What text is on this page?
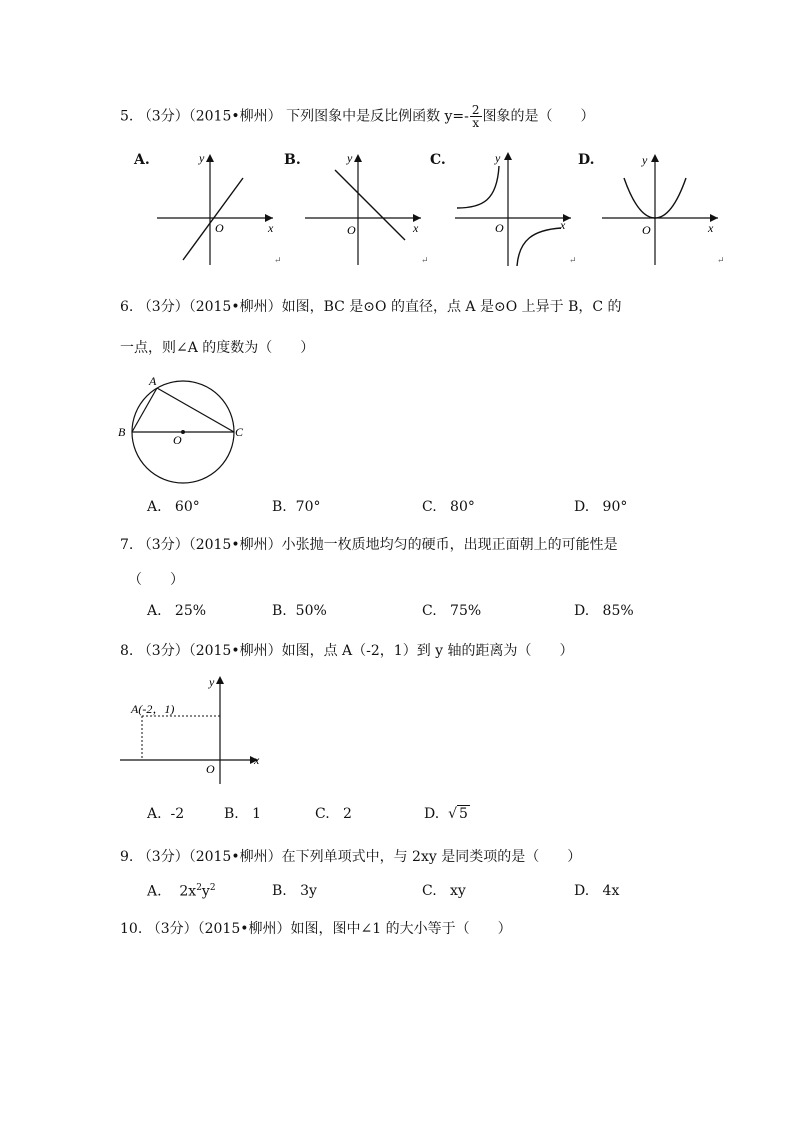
5. （3分）（2015•柳州） 下列图象中是反比例函数 $y=- \frac{2}{x}$ 图象的是（　　）
A.	B.	C.	D.
x
y
O	x
y
O	x
y
O	x
y
O
↵	↵	↵	↵
6. （3分）（2015•柳州）如图，BC 是⊙O 的直径，点 A 是⊙O 上异于 B，C 的
一点，则∠A 的度数为（　　）
A
B	C
O
A. 60°	B. 70°	C. 80°	D. 90°
7. （3分）（2015•柳州）小张抛一枚质地均匀的硬币，出现正面朝上的可能性是
（　　）
A. 25%	B. 50%	C. 75%	D. 85%
8. （3分）（2015•柳州）如图，点 A（-2，1）到 y 轴的距离为（　　）
A(-2，1)
x
y
O
A. -2	B. 1	C. 2	D. √ 5
9. （3分）（2015•柳州）在下列单项式中，与 2xy 是同类项的是（　　）
A. $2x^2y^2$	B. 3y	C. xy	D. 4x
10. （3分）（2015•柳州）如图，图中∠1 的大小等于（　　）
